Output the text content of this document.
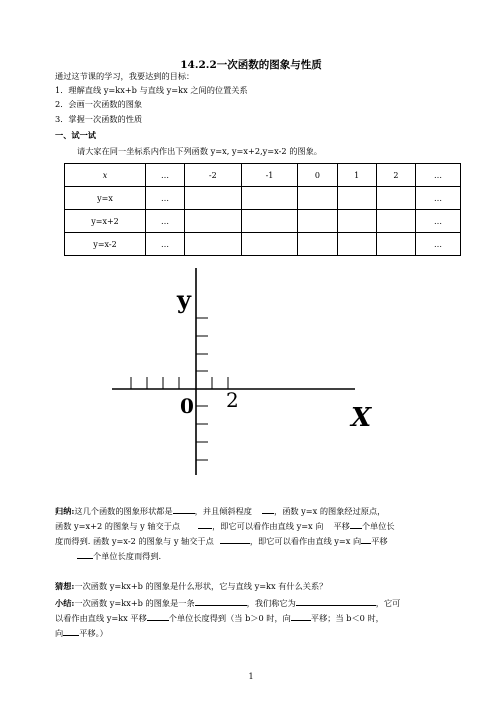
14.2.2一次函数的图象与性质
通过这节课的学习，我要达到的目标：
1．理解直线 y=kx+b 与直线 y=kx 之间的位置关系
2．会画一次函数的图象
3．掌握一次函数的性质
一、试一试
请大家在同一坐标系内作出下列函数 y=x, y=x+2,y=x-2 的图象。
x	…	-2	-1	0	1	2	…
y=x	…						…
y=x+2	…						…
y=x-2	…						…
y
X
0 2
归纳:这几个函数的图象形状都是	，并且倾斜程度	，函数 y=x 的图象经过原点，
函数 y=x+2 的图象与 y 轴交于点	，即它可以看作由直线 y=x 向 平移 个单位长
度而得到. 函数 y=x-2 的图象与 y 轴交于点	，即它可以看作由直线 y=x 向 平移
个单位长度而得到.
猜想:一次函数 y=kx+b 的图象是什么形状，它与直线 y=kx 有什么关系？
小结:一次函数 y=kx+b 的图象是一条	，我们称它为	，它可
以看作由直线 y=kx 平移	个单位长度得到（当 b＞0 时，向 平移；当 b＜0 时，
向 平移。）
1
